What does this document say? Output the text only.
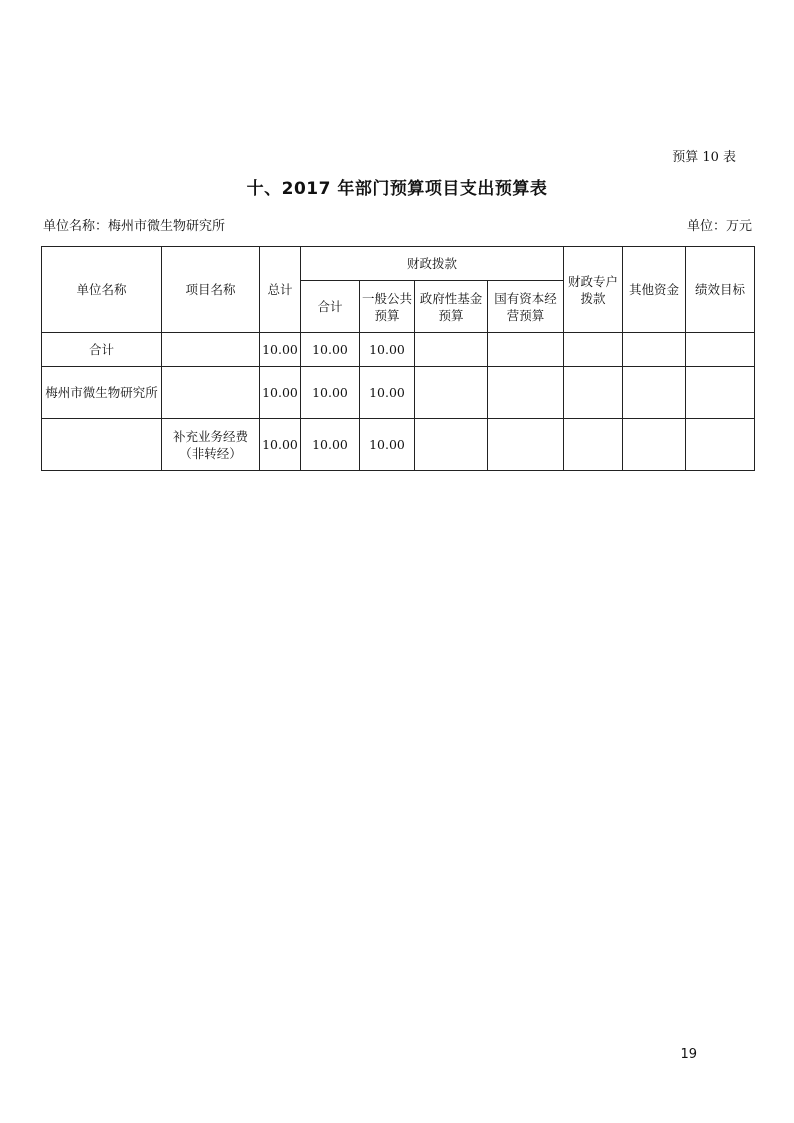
预算 10 表
十、2017 年部门预算项目支出预算表
单位名称：梅州市微生物研究所	单位：万元
单位名称	项目名称	总计	财政拨款				财政专户拨款	其他资金	绩效目标
			合计	一般公共预算	政府性基金预算	国有资本经营预算			
合计		10.00	10.00	10.00					
梅州市微生物研究所		10.00	10.00	10.00					
	补充业务经费（非转经）	10.00	10.00	10.00					
19
